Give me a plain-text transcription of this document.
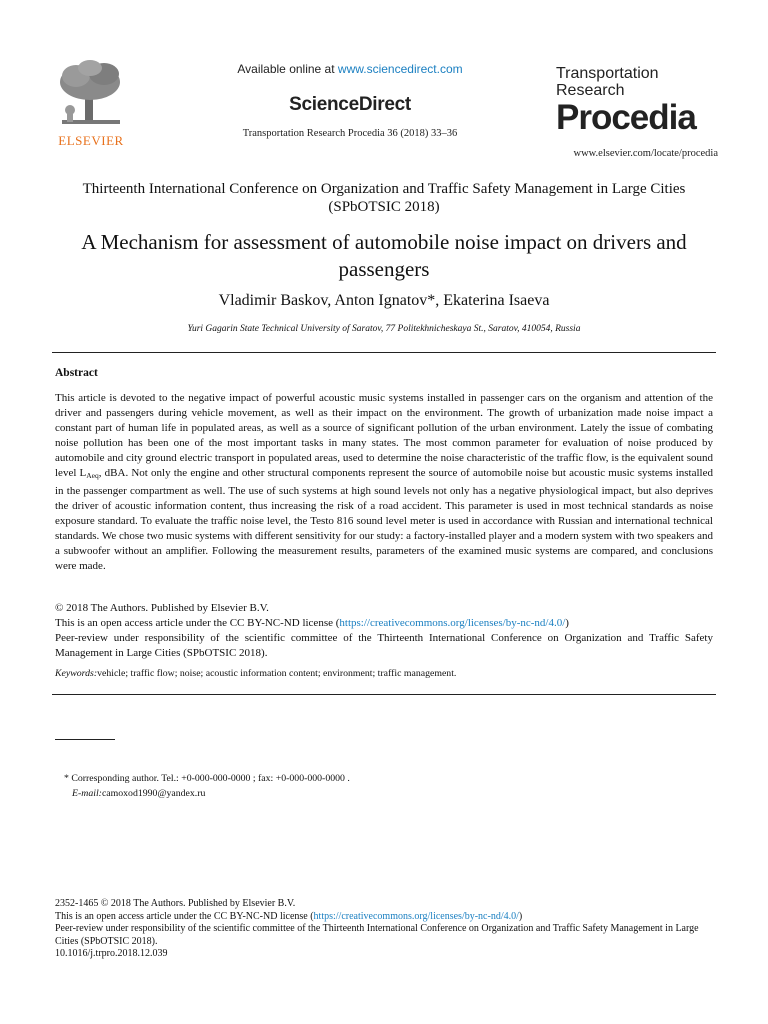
ELSEVIER
Available online at www.sciencedirect.com
ScienceDirect
Transportation Research Procedia 36 (2018) 33–36
Transportation
Research
Procedia
www.elsevier.com/locate/procedia
Thirteenth International Conference on Organization and Traffic Safety Management in Large Cities (SPbOTSIC 2018)
A Mechanism for assessment of automobile noise impact on drivers and passengers
Vladimir Baskov, Anton Ignatov*, Ekaterina Isaeva
Yuri Gagarin State Technical University of Saratov, 77 Politekhnicheskaya St., Saratov, 410054, Russia
Abstract
This article is devoted to the negative impact of powerful acoustic music systems installed in passenger cars on the organism and attention of the driver and passengers during vehicle movement, as well as their impact on the environment. The growth of urbanization made noise impact a constant part of human life in populated areas, as well as a source of significant pollution of the urban environment. Lately the issue of combating noise pollution has been one of the most important tasks in many states. The most common parameter for evaluation of noise produced by automobile and city ground electric transport in populated areas, used to determine the noise characteristic of the traffic flow, is the equivalent sound level $L_{Aeq}$, dBA. Not only the engine and other structural components represent the source of automobile noise but acoustic music systems installed in the passenger compartment as well. The use of such systems at high sound levels not only has a negative physiological impact, but also deprives the driver of acoustic information content, thus increasing the risk of a road accident. This parameter is used in most technical standards as noise exposure standard. To evaluate the traffic noise level, the Testo 816 sound level meter is used in accordance with Russian and international technical standards. We chose two music systems with different sensitivity for our study: a factory-installed player and a modern system with two speakers and a subwoofer without an amplifier. Following the measurement results, parameters of the examined music systems are compared, and conclusions were made.
© 2018 The Authors. Published by Elsevier B.V.
This is an open access article under the CC BY-NC-ND license (https://creativecommons.org/licenses/by-nc-nd/4.0/)
Peer-review under responsibility of the scientific committee of the Thirteenth International Conference on Organization and Traffic Safety Management in Large Cities (SPbOTSIC 2018).
Keywords:vehicle; traffic flow; noise; acoustic information content; environment; traffic management.
* Corresponding author. Tel.: +0-000-000-0000 ; fax: +0-000-000-0000 .
E-mail:camoxod1990@yandex.ru
2352-1465 © 2018 The Authors. Published by Elsevier B.V.
This is an open access article under the CC BY-NC-ND license (https://creativecommons.org/licenses/by-nc-nd/4.0/)
Peer-review under responsibility of the scientific committee of the Thirteenth International Conference on Organization and Traffic Safety Management in Large Cities (SPbOTSIC 2018).
10.1016/j.trpro.2018.12.039
